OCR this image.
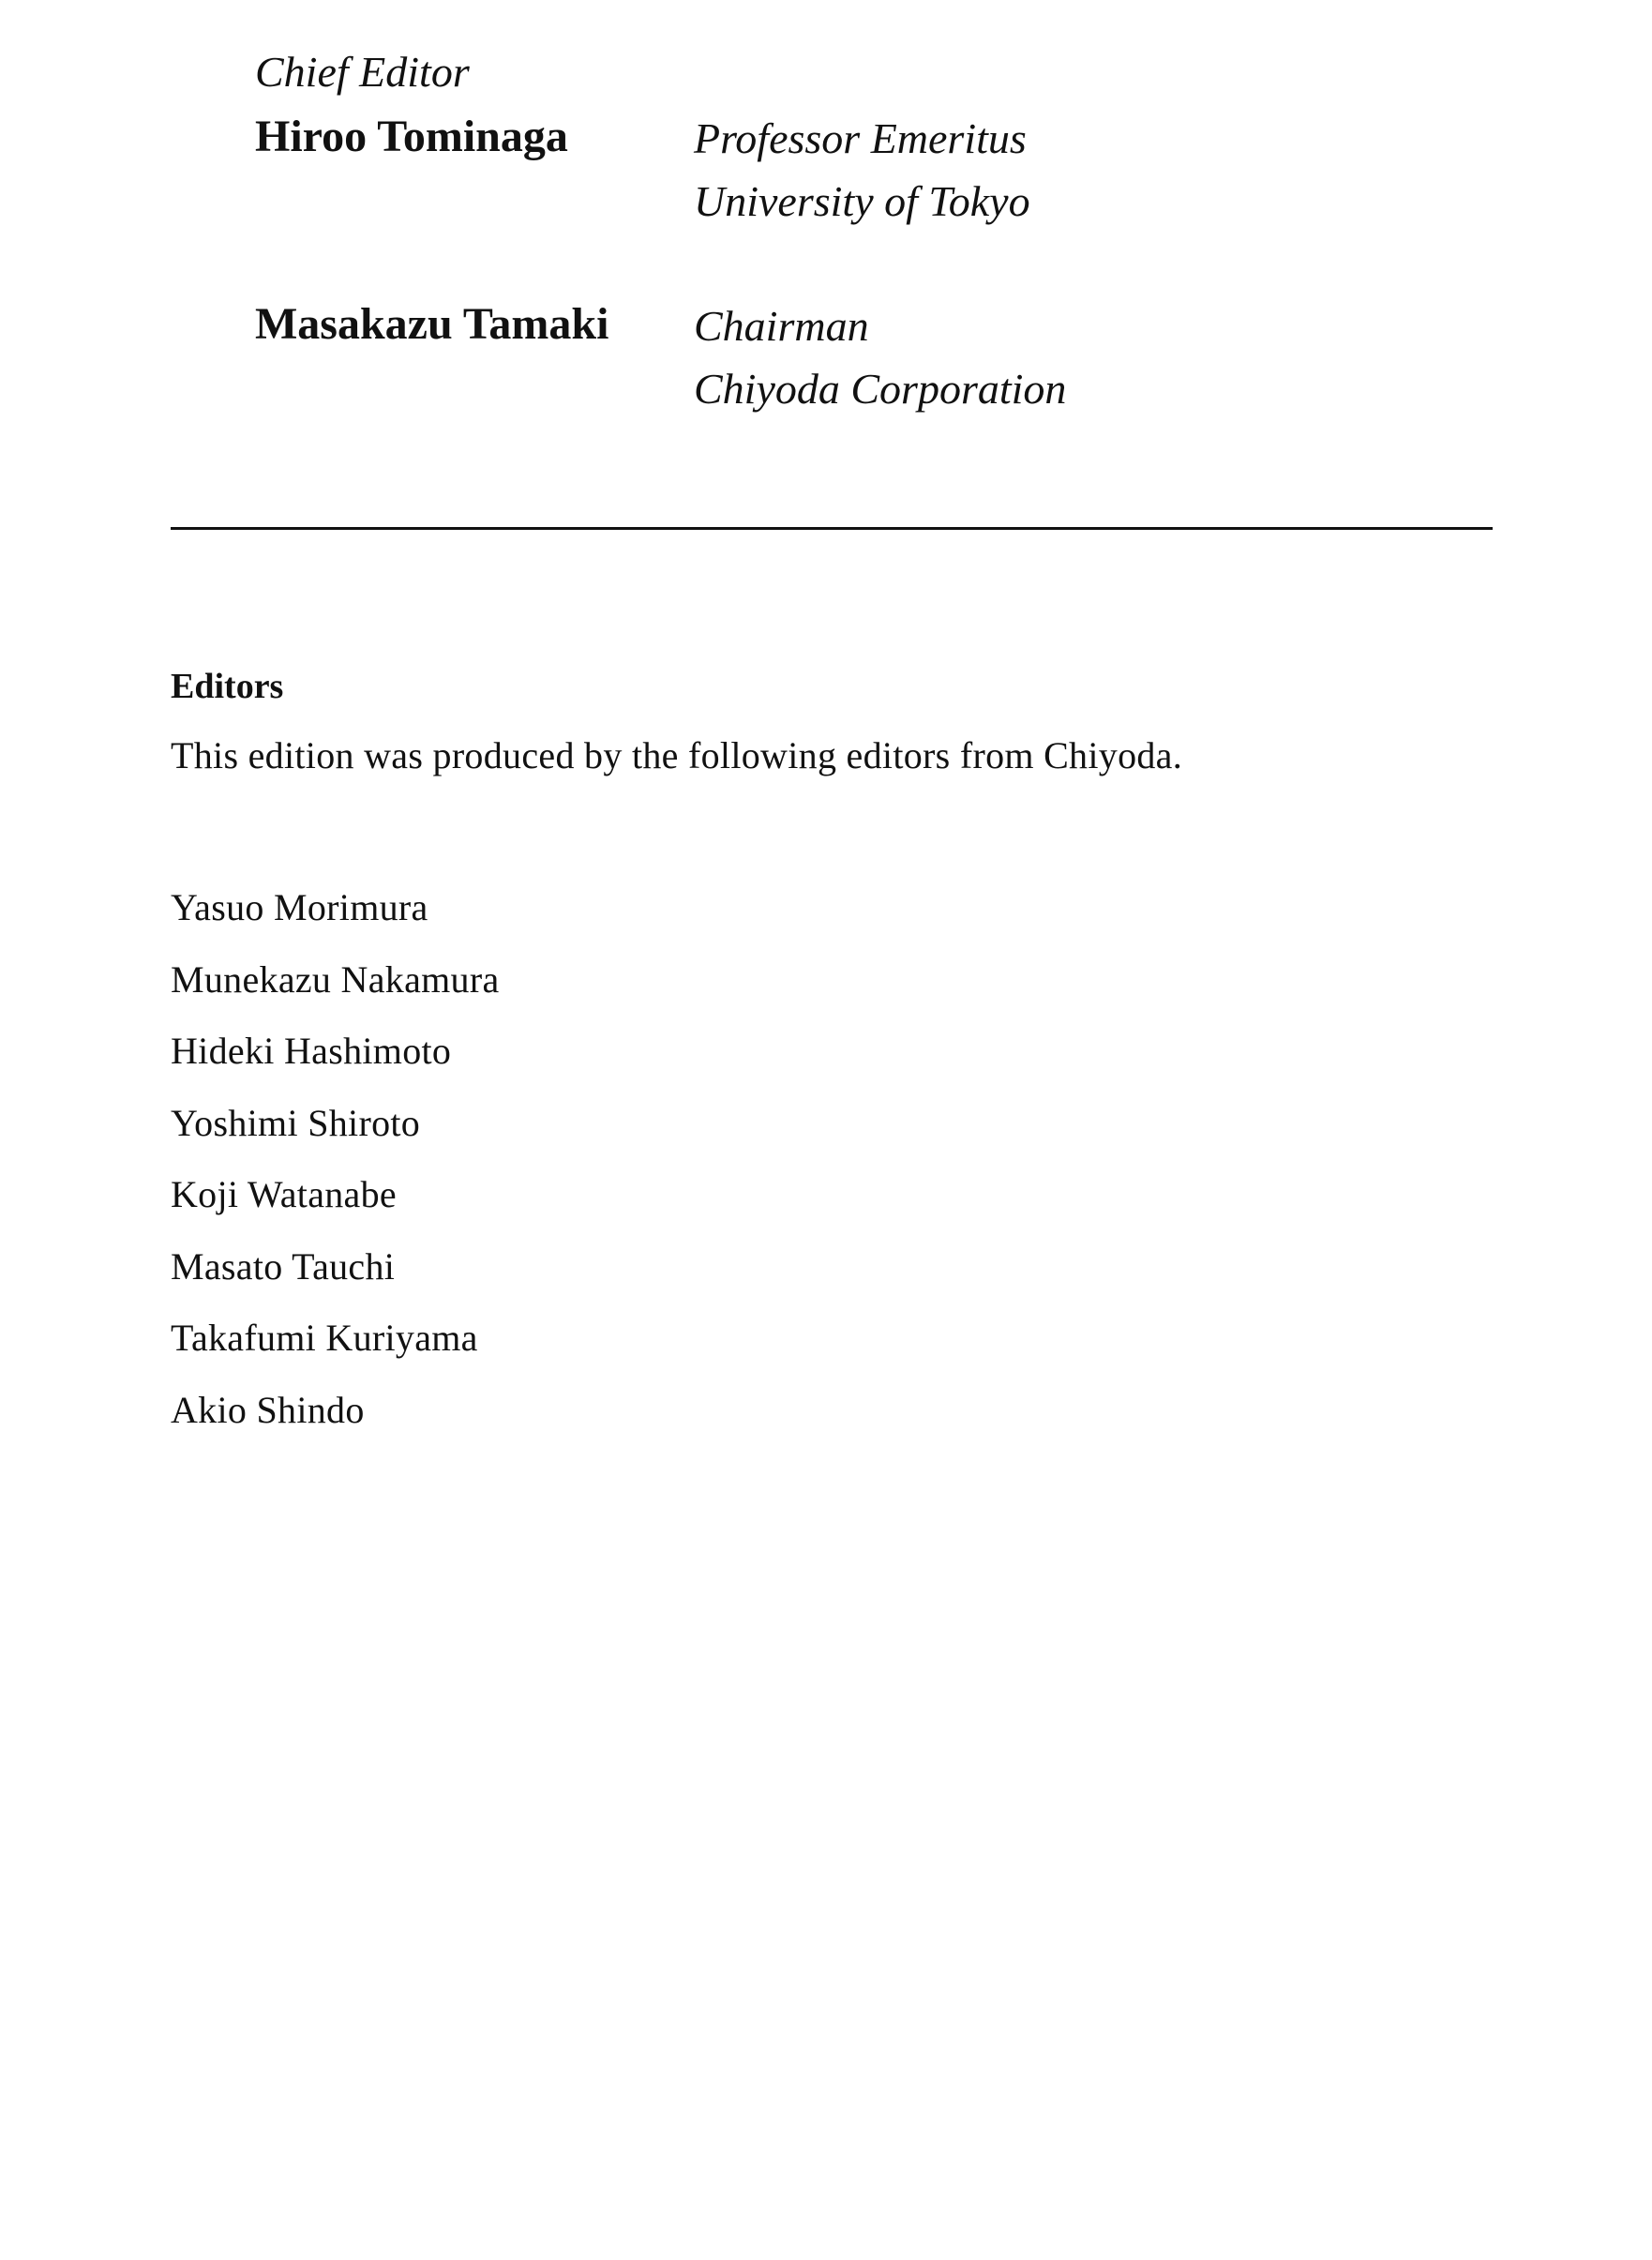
Chief Editor
Hiroo Tominaga	Professor Emeritus
University of Tokyo
Masakazu Tamaki Chairman
Chiyoda Corporation
Editors
This edition was produced by the following editors from Chiyoda.
Yasuo Morimura
Munekazu Nakamura
Hideki Hashimoto
Yoshimi Shiroto
Koji Watanabe
Masato Tauchi
Takafumi Kuriyama
Akio Shindo
